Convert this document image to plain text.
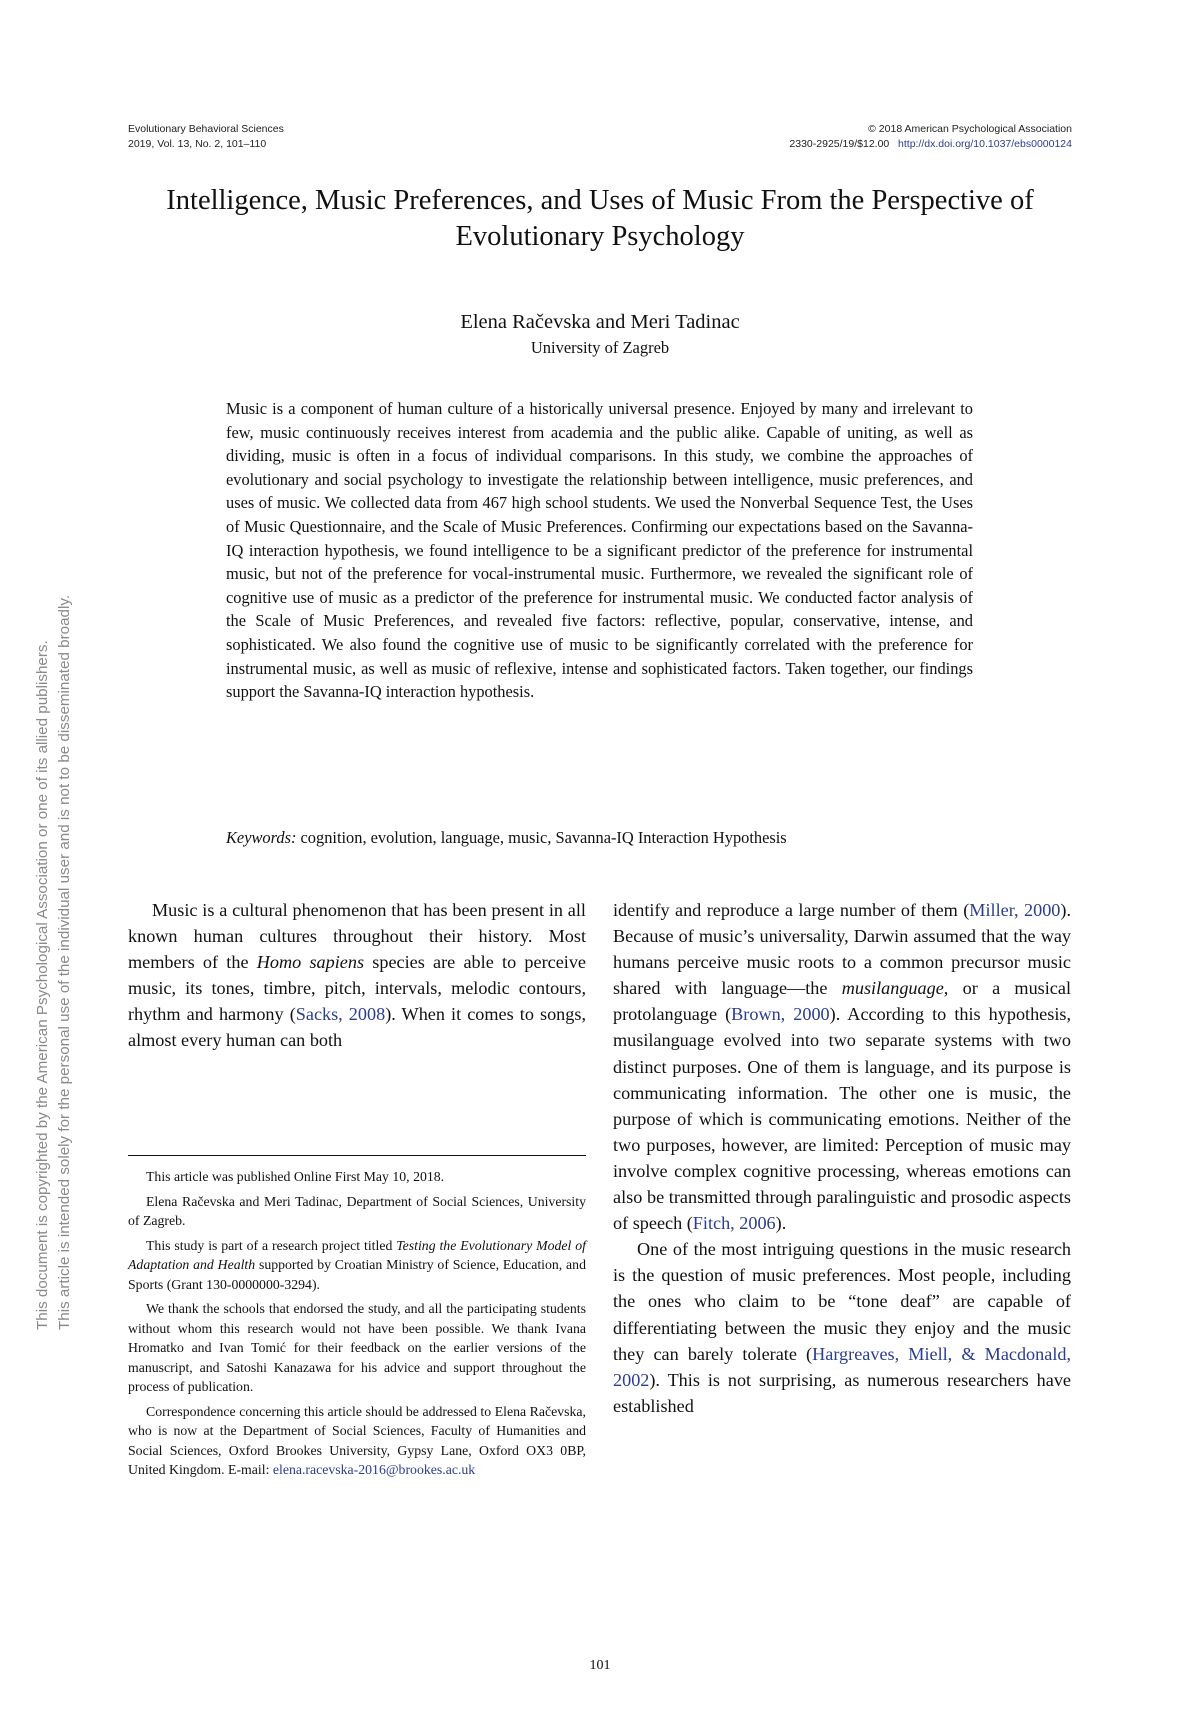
Evolutionary Behavioral Sciences
2019, Vol. 13, No. 2, 101–110
© 2018 American Psychological Association
2330-2925/19/$12.00 http://dx.doi.org/10.1037/ebs0000124
Intelligence, Music Preferences, and Uses of Music From the Perspective of Evolutionary Psychology
Elena Račevska and Meri Tadinac
University of Zagreb

Music is a component of human culture of a historically universal presence. Enjoyed by many and irrelevant to few, music continuously receives interest from academia and the public alike. Capable of uniting, as well as dividing, music is often in a focus of individual comparisons. In this study, we combine the approaches of evolutionary and social psychology to investigate the relationship between intelligence, music preferences, and uses of music. We collected data from 467 high school students. We used the Nonverbal Sequence Test, the Uses of Music Questionnaire, and the Scale of Music Preferences. Confirming our expectations based on the Savanna-IQ interaction hypothesis, we found intelligence to be a significant predictor of the preference for instrumental music, but not of the preference for vocal-instrumental music. Furthermore, we revealed the significant role of cognitive use of music as a predictor of the preference for instrumental music. We conducted factor analysis of the Scale of Music Preferences, and revealed five factors: reflective, popular, conservative, intense, and sophisticated. We also found the cognitive use of music to be significantly correlated with the preference for instrumental music, as well as music of reflexive, intense and sophisticated factors. Taken together, our findings support the Savanna-IQ interaction hypothesis.

Keywords: cognition, evolution, language, music, Savanna-IQ Interaction Hypothesis

Music is a cultural phenomenon that has been present in all known human cultures throughout their history. Most members of the Homo sapiens species are able to perceive music, its tones, timbre, pitch, intervals, melodic contours, rhythm and harmony (Sacks, 2008). When it comes to songs, almost every human can both

identify and reproduce a large number of them (Miller, 2000). Because of music’s universality, Darwin assumed that the way humans perceive music roots to a common precursor music shared with language—the musilanguage, or a musical protolanguage (Brown, 2000). According to this hypothesis, musilanguage evolved into two separate systems with two distinct purposes. One of them is language, and its purpose is communicating information. The other one is music, the purpose of which is communicating emotions. Neither of the two purposes, however, are limited: Perception of music may involve complex cognitive processing, whereas emotions can also be transmitted through paralinguistic and prosodic aspects of speech (Fitch, 2006).

One of the most intriguing questions in the music research is the question of music preferences. Most people, including the ones who claim to be “tone deaf” are capable of differentiating between the music they enjoy and the music they can barely tolerate (Hargreaves, Miell, & Macdonald, 2002). This is not surprising, as numerous researchers have established

This article was published Online First May 10, 2018.

Elena Račevska and Meri Tadinac, Department of Social Sciences, University of Zagreb.

This study is part of a research project titled Testing the Evolutionary Model of Adaptation and Health supported by Croatian Ministry of Science, Education, and Sports (Grant 130-0000000-3294).

We thank the schools that endorsed the study, and all the participating students without whom this research would not have been possible. We thank Ivana Hromatko and Ivan Tomić for their feedback on the earlier versions of the manuscript, and Satoshi Kanazawa for his advice and support throughout the process of publication.

Correspondence concerning this article should be addressed to Elena Račevska, who is now at the Department of Social Sciences, Faculty of Humanities and Social Sciences, Oxford Brookes University, Gypsy Lane, Oxford OX3 0BP, United Kingdom. E-mail: elena.racevska-2016@brookes.ac.uk

101
This document is copyrighted by the American Psychological Association or one of its allied publishers. This article is intended solely for the personal use of the individual user and is not to be disseminated broadly.
